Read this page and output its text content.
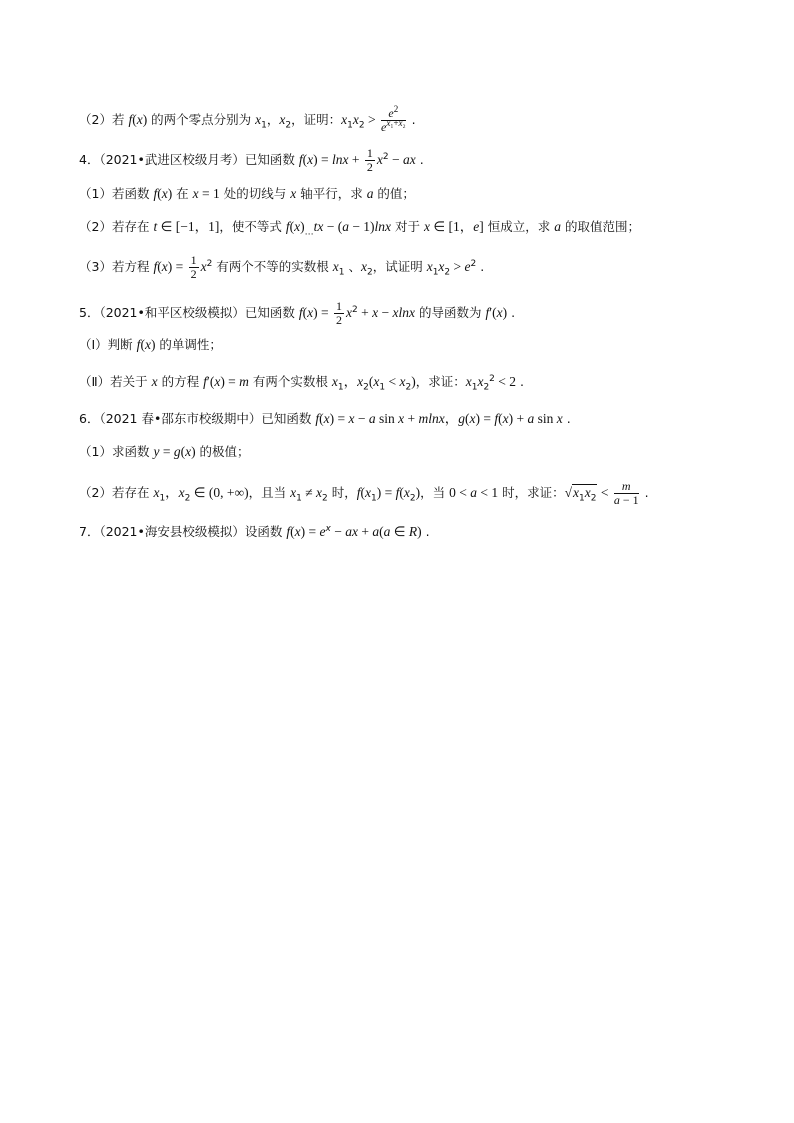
（2）若 f(x) 的两个零点分别为 $x_1$，$x_2$，证明：$x_1x_2 > \frac{e^2}{e^{x_1+x_2}}$ .
4．（2021•武进区校级月考）已知函数 $f(x) = \ln x + \frac{1}{2} x^2$ − ax .
（1）若函数 f(x) 在 x = 1 处的切线与 x 轴平行，求 a 的值；
（2）若存在 t ∈ [−1，1]，使不等式 $f(x)_\dots tx - (a - 1)\ln x$ 对于 x ∈ [1，e] 恒成立，求 a 的取值范围；
（3）若方程 $f(x) = \frac{1}{2} x^2$ 有两个不等的实数根 $x_1$ 、$x_2$，试证明 $x_1x_2 > e^2$ .
5．（2021•和平区校级模拟）已知函数 $f(x) = \frac{1}{2} x^2 + x - xlnx$ 的导函数为 f′(x) .
（Ⅰ）判断 f(x) 的单调性；
（Ⅱ）若关于 x 的方程 f′(x) = m 有两个实数根 $x_1$，$x_2(x_1 < x_2)$，求证：$x_1x_2^2 < 2$ .
6．（2021 春•邵东市校级期中）已知函数 f(x) = x − a sin x + mlnx，g(x) = f(x) + a sin x .
（1）求函数 y = g(x) 的极值；
（2）若存在 $x_1$，$x_2$ ∈ (0, +∞)，且当 $x_1 \ne x_2$ 时，$f(x_1) = f(x_2)$，当 0 < a < 1 时，求证：$√x_1x_2 < \frac{m}{a - 1}$ .
7．（2021•海安县校级模拟）设函数 $f(x) = e^x$ − ax + a(a ∈ R) .
